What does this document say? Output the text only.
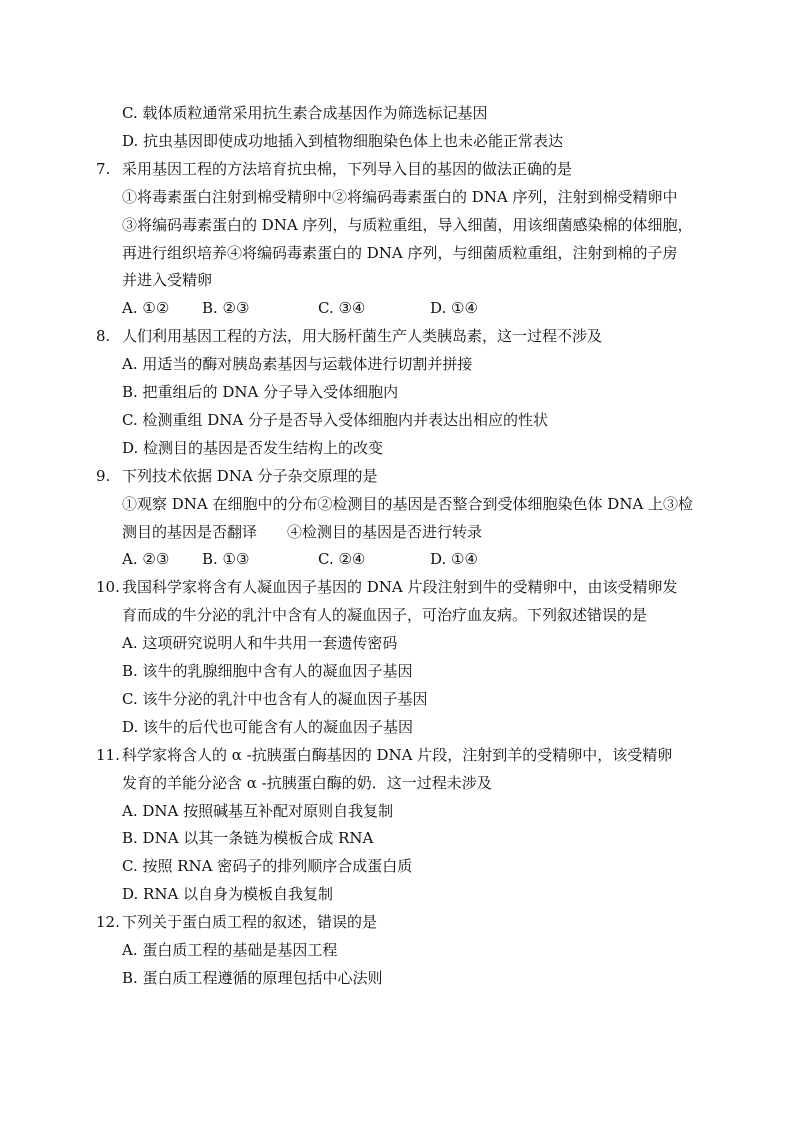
C. 载体质粒通常采用抗生素合成基因作为筛选标记基因
D. 抗虫基因即使成功地插入到植物细胞染色体上也未必能正常表达
7. 采用基因工程的方法培育抗虫棉，下列导入目的基因的做法正确的是
①将毒素蛋白注射到棉受精卵中②将编码毒素蛋白的 DNA 序列，注射到棉受精卵中
③将编码毒素蛋白的 DNA 序列，与质粒重组，导入细菌，用该细菌感染棉的体细胞，
再进行组织培养④将编码毒素蛋白的 DNA 序列，与细菌质粒重组，注射到棉的子房
并进入受精卵
A. ①② B. ②③	C. ③④	D. ①④
8. 人们利用基因工程的方法，用大肠杆菌生产人类胰岛素，这一过程不涉及
A. 用适当的酶对胰岛素基因与运载体进行切割并拼接
B. 把重组后的 DNA 分子导入受体细胞内
C. 检测重组 DNA 分子是否导入受体细胞内并表达出相应的性状
D. 检测目的基因是否发生结构上的改变
9. 下列技术依据 DNA 分子杂交原理的是
①观察 DNA 在细胞中的分布②检测目的基因是否整合到受体细胞染色体 DNA 上③检
测目的基因是否翻译　　④检测目的基因是否进行转录
A. ②③ B. ①③	C. ②④	D. ①④
10. 我国科学家将含有人凝血因子基因的 DNA 片段注射到牛的受精卵中，由该受精卵发
育而成的牛分泌的乳汁中含有人的凝血因子，可治疗血友病。下列叙述错误的是
A. 这项研究说明人和牛共用一套遗传密码
B. 该牛的乳腺细胞中含有人的凝血因子基因
C. 该牛分泌的乳汁中也含有人的凝血因子基因
D. 该牛的后代也可能含有人的凝血因子基因
11. 科学家将含人的 α -抗胰蛋白酶基因的 DNA 片段，注射到羊的受精卵中，该受精卵
发育的羊能分泌含 α -抗胰蛋白酶的奶．这一过程未涉及
A. DNA 按照碱基互补配对原则自我复制
B. DNA 以其一条链为模板合成 RNA
C. 按照 RNA 密码子的排列顺序合成蛋白质
D. RNA 以自身为模板自我复制
12. 下列关于蛋白质工程的叙述，错误的是
A. 蛋白质工程的基础是基因工程
B. 蛋白质工程遵循的原理包括中心法则
